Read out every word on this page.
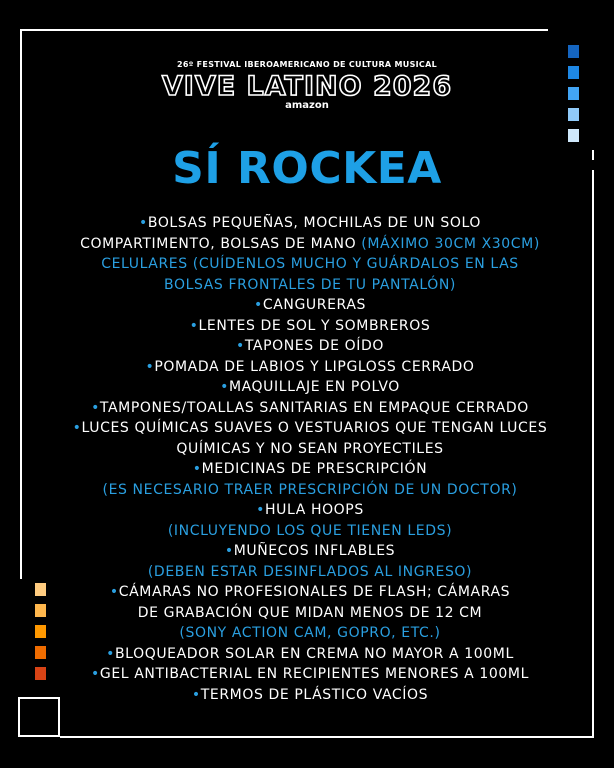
26º FESTIVAL IBEROAMERICANO DE CULTURA MUSICAL
VIVE LATINO 2026
amazon
SÍ ROCKEA
•BOLSAS PEQUEÑAS, MOCHILAS DE UN SOLO
COMPARTIMENTO, BOLSAS DE MANO (MÁXIMO 30CM X30CM)
CELULARES (CUÍDENLOS MUCHO Y GUÁRDALOS EN LAS
BOLSAS FRONTALES DE TU PANTALÓN)
•CANGURERAS
•LENTES DE SOL Y SOMBREROS
•TAPONES DE OÍDO
•POMADA DE LABIOS Y LIPGLOSS CERRADO
•MAQUILLAJE EN POLVO
•TAMPONES/TOALLAS SANITARIAS EN EMPAQUE CERRADO
•LUCES QUÍMICAS SUAVES O VESTUARIOS QUE TENGAN LUCES
QUÍMICAS Y NO SEAN PROYECTILES
•MEDICINAS DE PRESCRIPCIÓN
(ES NECESARIO TRAER PRESCRIPCIÓN DE UN DOCTOR)
•HULA HOOPS
(INCLUYENDO LOS QUE TIENEN LEDS)
•MUÑECOS INFLABLES
(DEBEN ESTAR DESINFLADOS AL INGRESO)
•CÁMARAS NO PROFESIONALES DE FLASH; CÁMARAS
DE GRABACIÓN QUE MIDAN MENOS DE 12 CM
(SONY ACTION CAM, GOPRO, ETC.)
•BLOQUEADOR SOLAR EN CREMA NO MAYOR A 100ML
•GEL ANTIBACTERIAL EN RECIPIENTES MENORES A 100ML
•TERMOS DE PLÁSTICO VACÍOS
